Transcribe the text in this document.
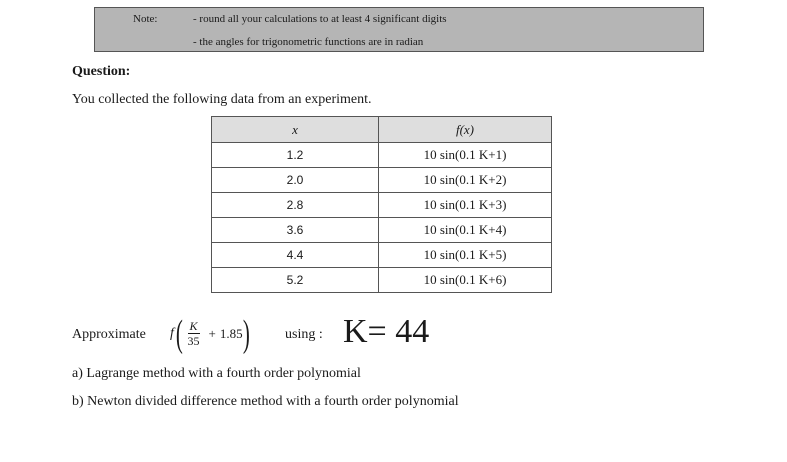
Note:	- round all your calculations to at least 4 significant digits
- the angles for trigonometric functions are in radian
Question:
You collected the following data from an experiment.
x	f(x)
1.2	10 sin(0.1 K+1)
2.0	10 sin(0.1 K+2)
2.8	10 sin(0.1 K+3)
3.6	10 sin(0.1 K+4)
4.4	10 sin(0.1 K+5)
5.2	10 sin(0.1 K+6)
Approximate f ( $\frac{K}{35} + 1.85$ )	using : K= 44
a) Lagrange method with a fourth order polynomial
b) Newton divided difference method with a fourth order polynomial
